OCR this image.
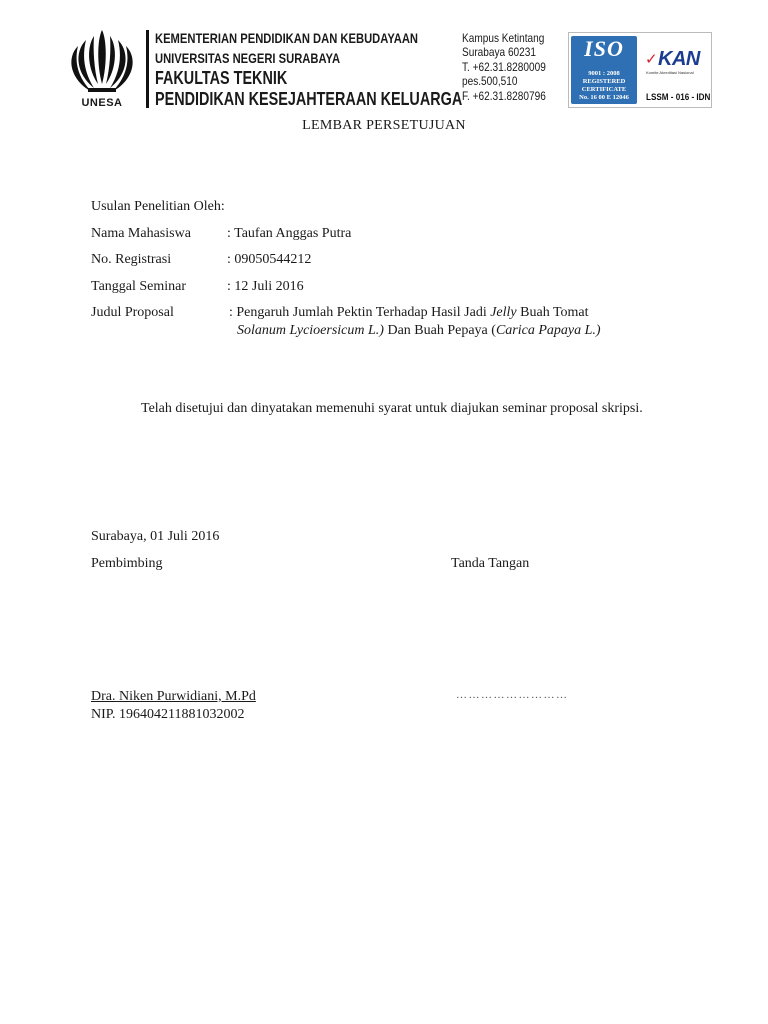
UNESA
KEMENTERIAN PENDIDIKAN DAN KEBUDAYAAN
UNIVERSITAS NEGERI SURABAYA
FAKULTAS TEKNIK
PENDIDIKAN KESEJAHTERAAN KELUARGA
Kampus Ketintang
Surabaya 60231
T. +62.31.8280009
pes.500,510
F. +62.31.8280796
ISO
9001 : 2008
REGISTERED
CERTIFICATE
No. 16 00 E 12046
✓ KAN
Komite Akreditasi Nasional
LSSM - 016 - IDN
LEMBAR PERSETUJUAN
Usulan Penelitian Oleh:
Nama Mahasiswa	: Taufan Anggas Putra
No. Registrasi	: 09050544212
Tanggal Seminar	: 12 Juli 2016
Judul Proposal	: Pengaruh Jumlah Pektin Terhadap Hasil Jadi Jelly Buah Tomat
Solanum Lycioersicum L.) Dan Buah Pepaya (Carica Papaya L.)
Telah disetujui dan dinyatakan memenuhi syarat untuk diajukan seminar proposal skripsi.
Surabaya, 01 Juli 2016
Pembimbing	Tanda Tangan
Dra. Niken Purwidiani, M.Pd	………………………
NIP. 196404211881032002
